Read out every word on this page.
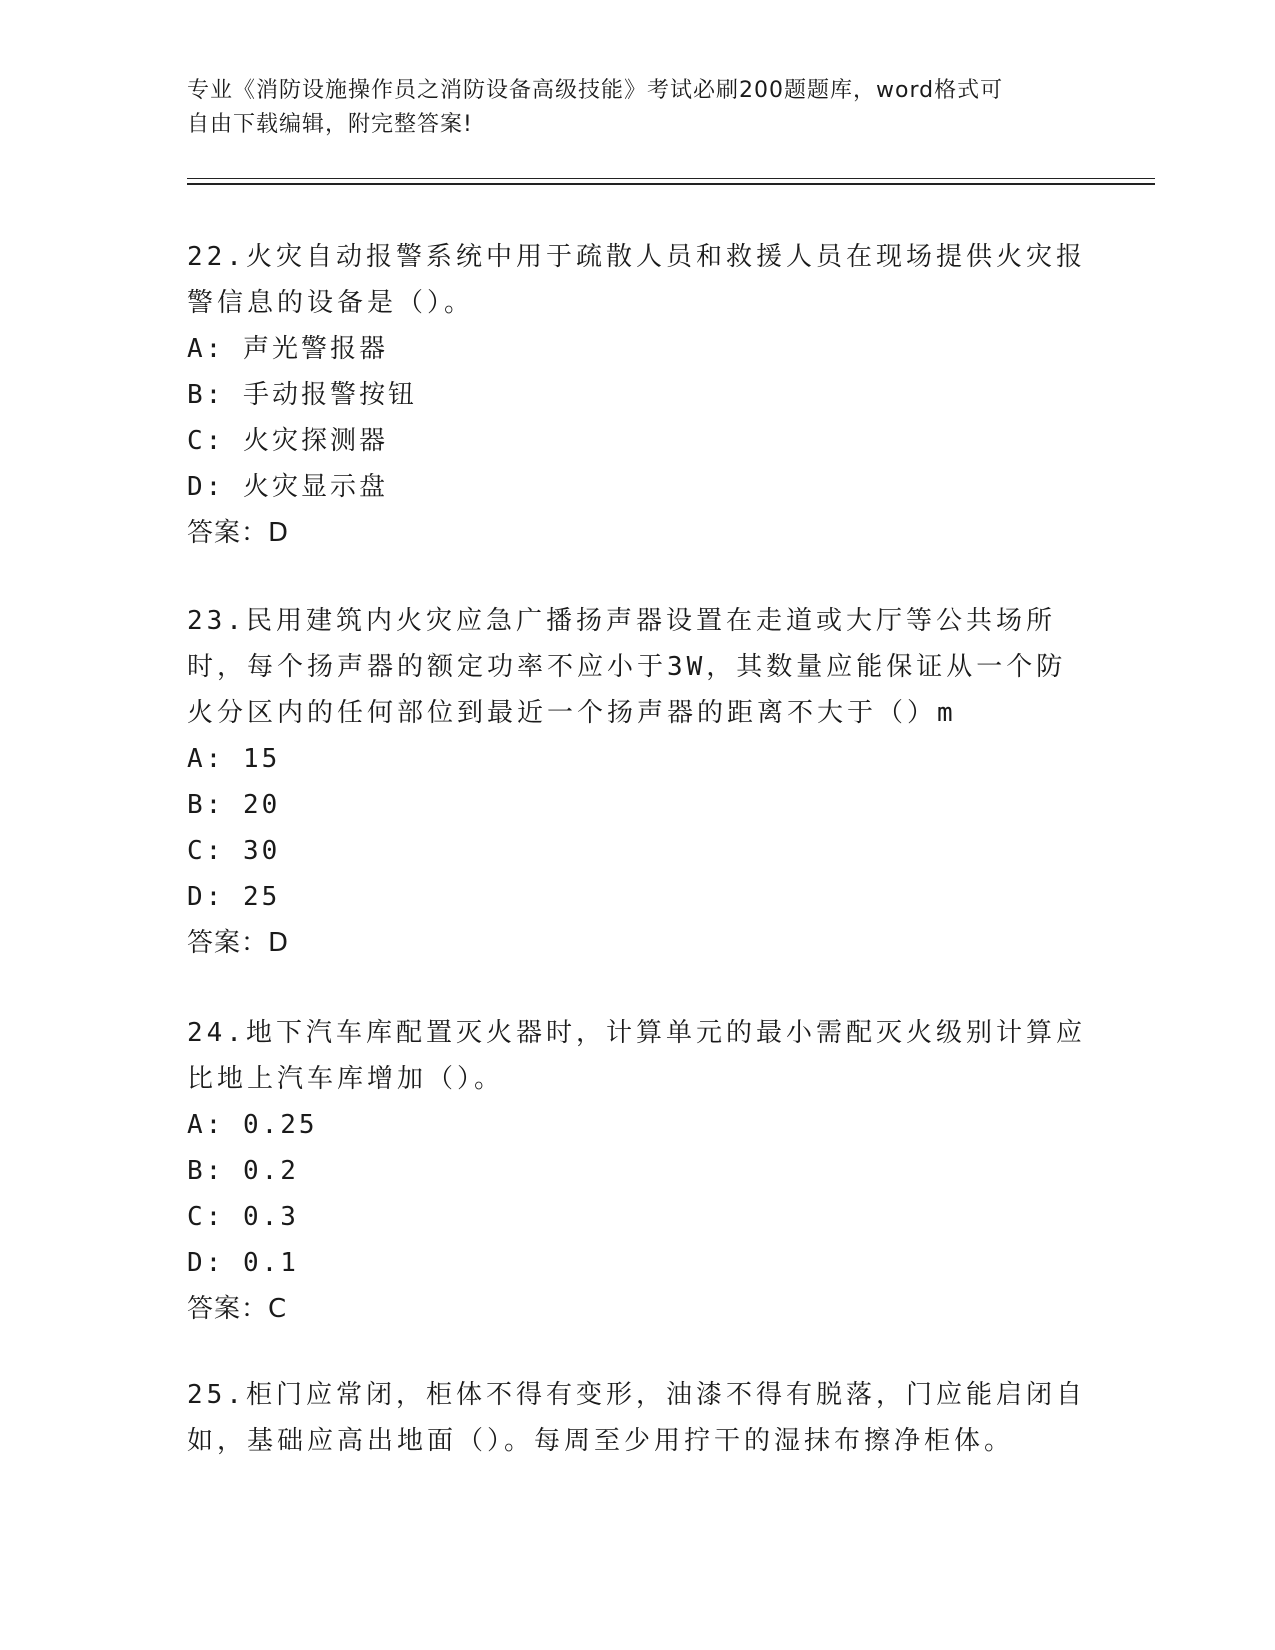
专业《消防设施操作员之消防设备高级技能》考试必刷200题题库，word格式可
自由下载编辑，附完整答案!

22.火灾自动报警系统中用于疏散人员和救援人员在现场提供火灾报警信息的设备是（）。

A: 声光警报器

B: 手动报警按钮

C: 火灾探测器

D: 火灾显示盘

答案：D

23.民用建筑内火灾应急广播扬声器设置在走道或大厅等公共场所时，每个扬声器的额定功率不应小于3W，其数量应能保证从一个防火分区内的任何部位到最近一个扬声器的距离不大于（）m

A: 15

B: 20

C: 30

D: 25

答案：D

24.地下汽车库配置灭火器时，计算单元的最小需配灭火级别计算应比地上汽车库增加（）。

A: 0.25

B: 0.2

C: 0.3

D: 0.1

答案：C

25.柜门应常闭，柜体不得有变形，油漆不得有脱落，门应能启闭自如，基础应高出地面（）。每周至少用拧干的湿抹布擦净柜体。
